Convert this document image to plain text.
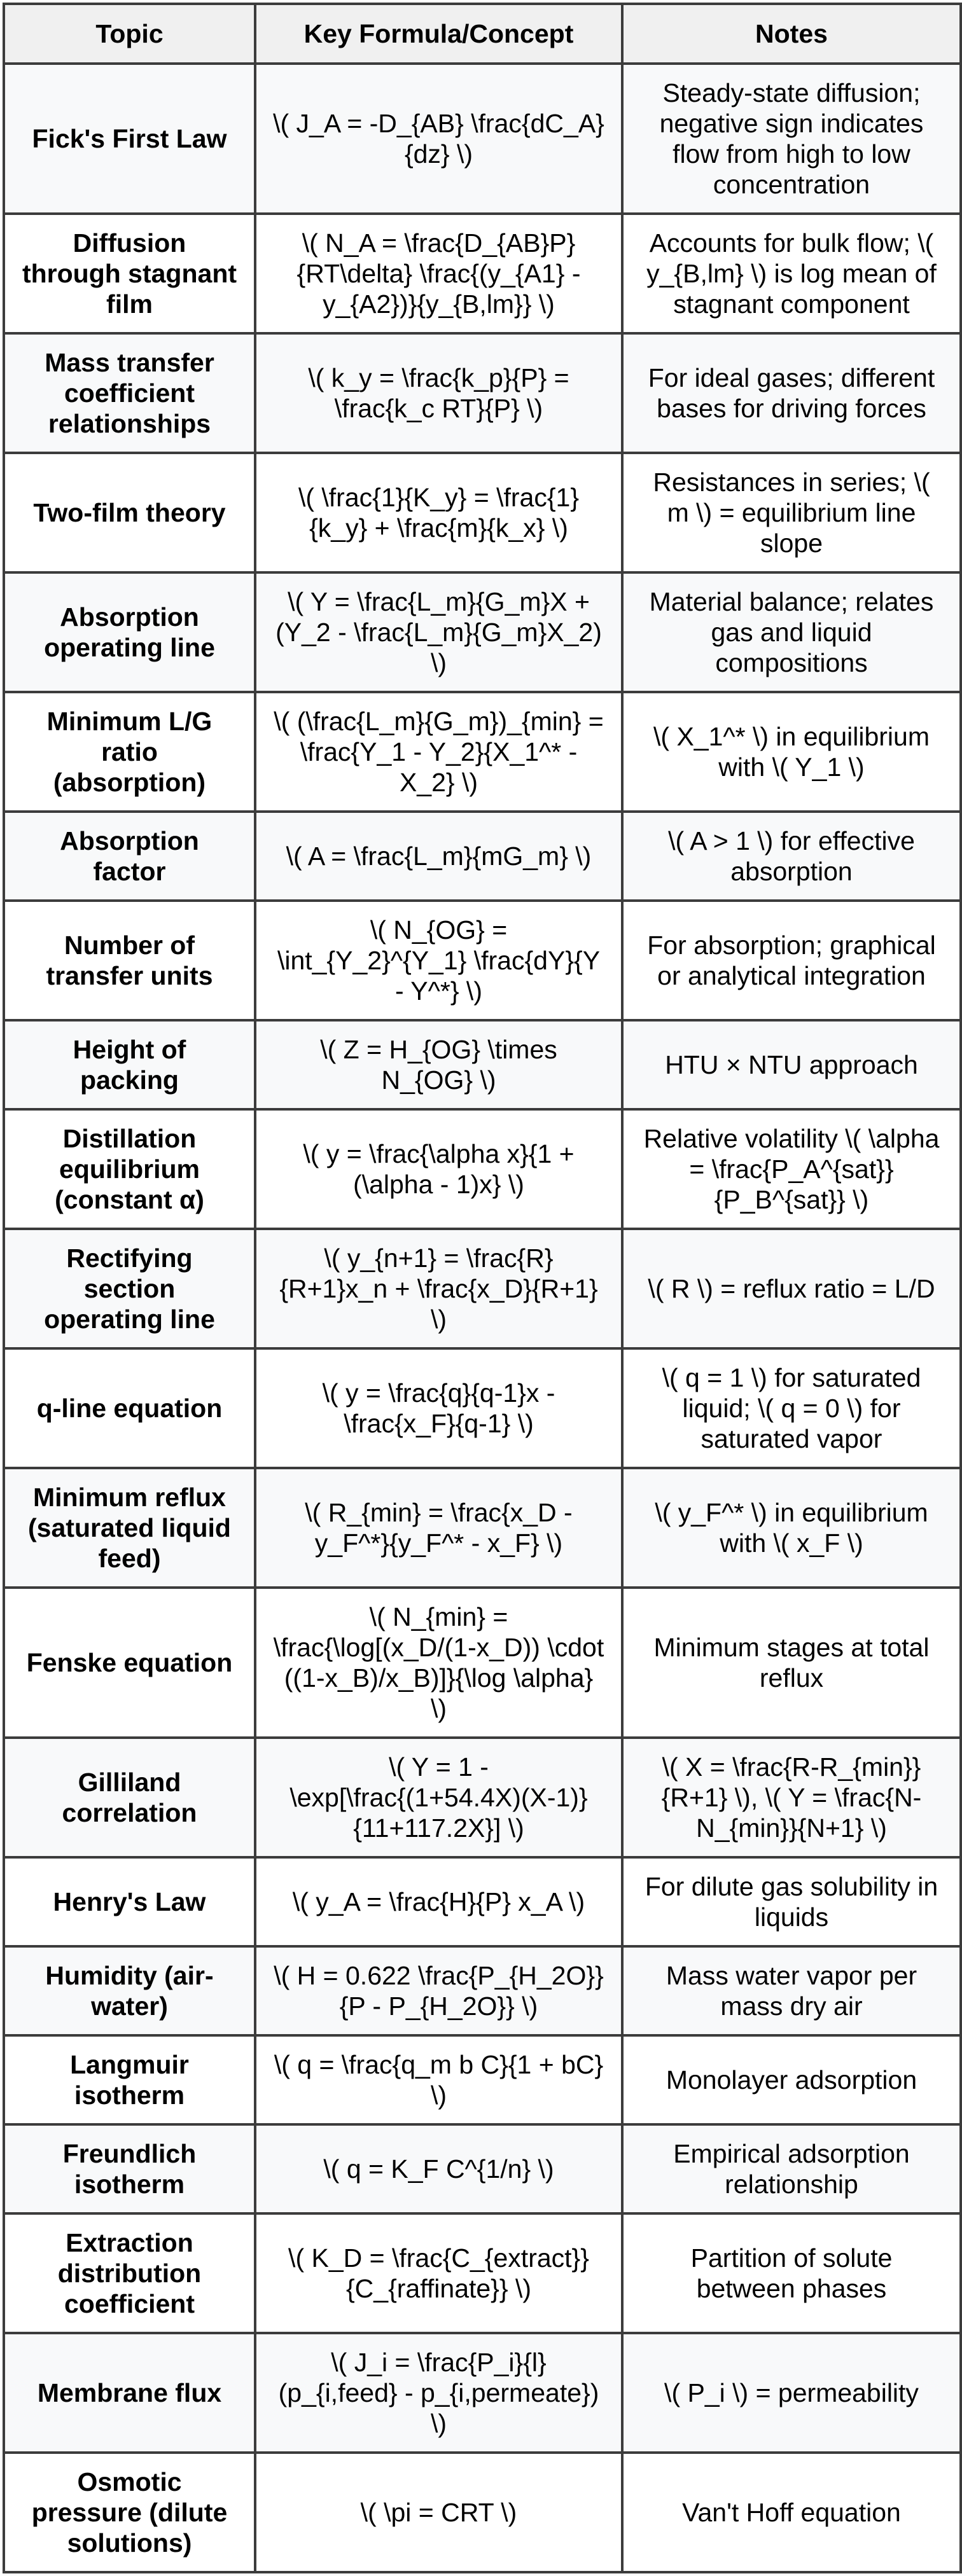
Topic	Key Formula/Concept	Notes
Fick's First Law	\( J_A = -D_{AB} \frac{dC_A}{dz} \)	Steady-state diffusion; negative sign indicates flow from high to low concentration
Diffusion through stagnant film	\( N_A = \frac{D_{AB}P}{RT\delta} \frac{(y_{A1} - y_{A2})}{y_{B,lm}} \)	Accounts for bulk flow; \( y_{B,lm} \) is log mean of stagnant component
Mass transfer coefficient relationships	\( k_y = \frac{k_p}{P} = \frac{k_c RT}{P} \)	For ideal gases; different bases for driving forces
Two-film theory	\( \frac{1}{K_y} = \frac{1}{k_y} + \frac{m}{k_x} \)	Resistances in series; \( m \) = equilibrium line slope
Absorption operating line	\( Y = \frac{L_m}{G_m}X + (Y_2 - \frac{L_m}{G_m}X_2) \)	Material balance; relates gas and liquid compositions
Minimum L/G ratio (absorption)	\( (\frac{L_m}{G_m})_{min} = \frac{Y_1 - Y_2}{X_1^* - X_2} \)	\( X_1^* \) in equilibrium with \( Y_1 \)
Absorption factor	\( A = \frac{L_m}{mG_m} \)	\( A > 1 \) for effective absorption
Number of transfer units	\( N_{OG} = \int_{Y_2}^{Y_1} \frac{dY}{Y - Y^*} \)	For absorption; graphical or analytical integration
Height of packing	\( Z = H_{OG} \times N_{OG} \)	HTU × NTU approach
Distillation equilibrium (constant α)	\( y = \frac{\alpha x}{1 + (\alpha - 1)x} \)	Relative volatility \( \alpha = \frac{P_A^{sat}}{P_B^{sat}} \)
Rectifying section operating line	\( y_{n+1} = \frac{R}{R+1}x_n + \frac{x_D}{R+1} \)	\( R \) = reflux ratio = L/D
q-line equation	\( y = \frac{q}{q-1}x - \frac{x_F}{q-1} \)	\( q = 1 \) for saturated liquid; \( q = 0 \) for saturated vapor
Minimum reflux (saturated liquid feed)	\( R_{min} = \frac{x_D - y_F^*}{y_F^* - x_F} \)	\( y_F^* \) in equilibrium with \( x_F \)
Fenske equation	\( N_{min} = \frac{\log[(x_D/(1-x_D)) \cdot ((1-x_B)/x_B)]}{\log \alpha} \)	Minimum stages at total reflux
Gilliland correlation	\( Y = 1 - \exp[\frac{(1+54.4X)(X-1)}{11+117.2X}] \)	\( X = \frac{R-R_{min}}{R+1} \), \( Y = \frac{N-N_{min}}{N+1} \)
Henry's Law	\( y_A = \frac{H}{P} x_A \)	For dilute gas solubility in liquids
Humidity (air-water)	\( H = 0.622 \frac{P_{H_2O}}{P - P_{H_2O}} \)	Mass water vapor per mass dry air
Langmuir isotherm	\( q = \frac{q_m b C}{1 + bC} \)	Monolayer adsorption
Freundlich isotherm	\( q = K_F C^{1/n} \)	Empirical adsorption relationship
Extraction distribution coefficient	\( K_D = \frac{C_{extract}}{C_{raffinate}} \)	Partition of solute between phases
Membrane flux	\( J_i = \frac{P_i}{l}(p_{i,feed} - p_{i,permeate}) \)	\( P_i \) = permeability
Osmotic pressure (dilute solutions)	\( \pi = CRT \)	Van't Hoff equation
